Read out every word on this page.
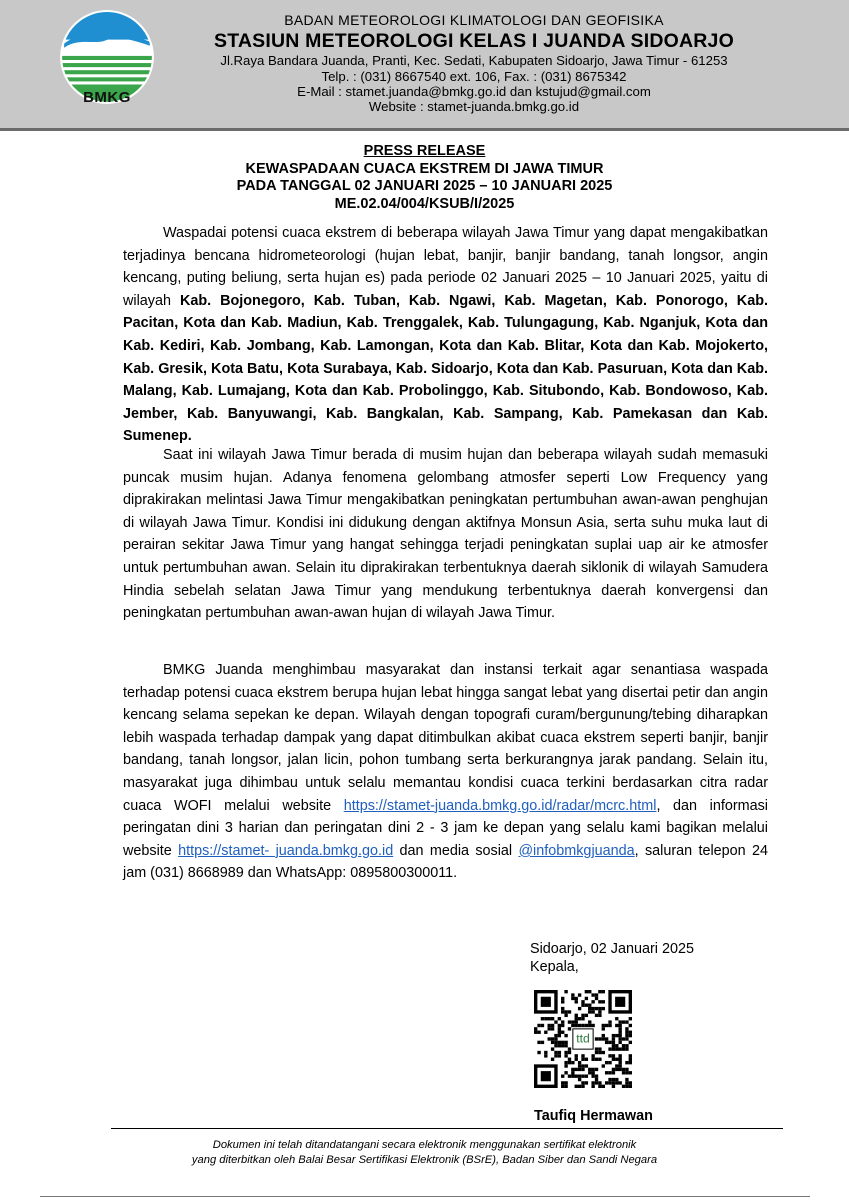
BMKG
BADAN METEOROLOGI KLIMATOLOGI DAN GEOFISIKA
STASIUN METEOROLOGI KELAS I JUANDA SIDOARJO
Jl.Raya Bandara Juanda, Pranti, Kec. Sedati, Kabupaten Sidoarjo, Jawa Timur - 61253
Telp. : (031) 8667540 ext. 106, Fax. : (031) 8675342
E-Mail : stamet.juanda@bmkg.go.id dan kstujud@gmail.com
Website : stamet-juanda.bmkg.go.id
PRESS RELEASE
KEWASPADAAN CUACA EKSTREM DI JAWA TIMUR
PADA TANGGAL 02 JANUARI 2025 – 10 JANUARI 2025
ME.02.04/004/KSUB/I/2025

Waspadai potensi cuaca ekstrem di beberapa wilayah Jawa Timur yang dapat mengakibatkan terjadinya bencana hidrometeorologi (hujan lebat, banjir, banjir bandang, tanah longsor, angin kencang, puting beliung, serta hujan es) pada periode 02 Januari 2025 – 10 Januari 2025, yaitu di wilayah Kab. Bojonegoro, Kab. Tuban, Kab. Ngawi, Kab. Magetan, Kab. Ponorogo, Kab. Pacitan, Kota dan Kab. Madiun, Kab. Trenggalek, Kab. Tulungagung, Kab. Nganjuk, Kota dan Kab. Kediri, Kab. Jombang, Kab. Lamongan, Kota dan Kab. Blitar, Kota dan Kab. Mojokerto, Kab. Gresik, Kota Batu, Kota Surabaya, Kab. Sidoarjo, Kota dan Kab. Pasuruan, Kota dan Kab. Malang, Kab. Lumajang, Kota dan Kab. Probolinggo, Kab. Situbondo, Kab. Bondowoso, Kab. Jember, Kab. Banyuwangi, Kab. Bangkalan, Kab. Sampang, Kab. Pamekasan dan Kab. Sumenep.

Saat ini wilayah Jawa Timur berada di musim hujan dan beberapa wilayah sudah memasuki puncak musim hujan. Adanya fenomena gelombang atmosfer seperti Low Frequency yang diprakirakan melintasi Jawa Timur mengakibatkan peningkatan pertumbuhan awan-awan penghujan di wilayah Jawa Timur. Kondisi ini didukung dengan aktifnya Monsun Asia, serta suhu muka laut di perairan sekitar Jawa Timur yang hangat sehingga terjadi peningkatan suplai uap air ke atmosfer untuk pertumbuhan awan. Selain itu diprakirakan terbentuknya daerah siklonik di wilayah Samudera Hindia sebelah selatan Jawa Timur yang mendukung terbentuknya daerah konvergensi dan peningkatan pertumbuhan awan-awan hujan di wilayah Jawa Timur.

BMKG Juanda menghimbau masyarakat dan instansi terkait agar senantiasa waspada terhadap potensi cuaca ekstrem berupa hujan lebat hingga sangat lebat yang disertai petir dan angin kencang selama sepekan ke depan. Wilayah dengan topografi curam/bergunung/tebing diharapkan lebih waspada terhadap dampak yang dapat ditimbulkan akibat cuaca ekstrem seperti banjir, banjir bandang, tanah longsor, jalan licin, pohon tumbang serta berkurangnya jarak pandang. Selain itu, masyarakat juga dihimbau untuk selalu memantau kondisi cuaca terkini berdasarkan citra radar cuaca WOFI melalui website https://stamet-juanda.bmkg.go.id/radar/mcrc.html, dan informasi peringatan dini 3 harian dan peringatan dini 2 - 3 jam ke depan yang selalu kami bagikan melalui website https://stamet- juanda.bmkg.go.id dan media sosial @infobmkgjuanda, saluran telepon 24 jam (031) 8668989 dan WhatsApp: 0895800300011.

Sidoarjo, 02 Januari 2025
Kepala,
ttd
Taufiq Hermawan
Dokumen ini telah ditandatangani secara elektronik menggunakan sertifikat elektronik
yang diterbitkan oleh Balai Besar Sertifikasi Elektronik (BSrE), Badan Siber dan Sandi Negara
